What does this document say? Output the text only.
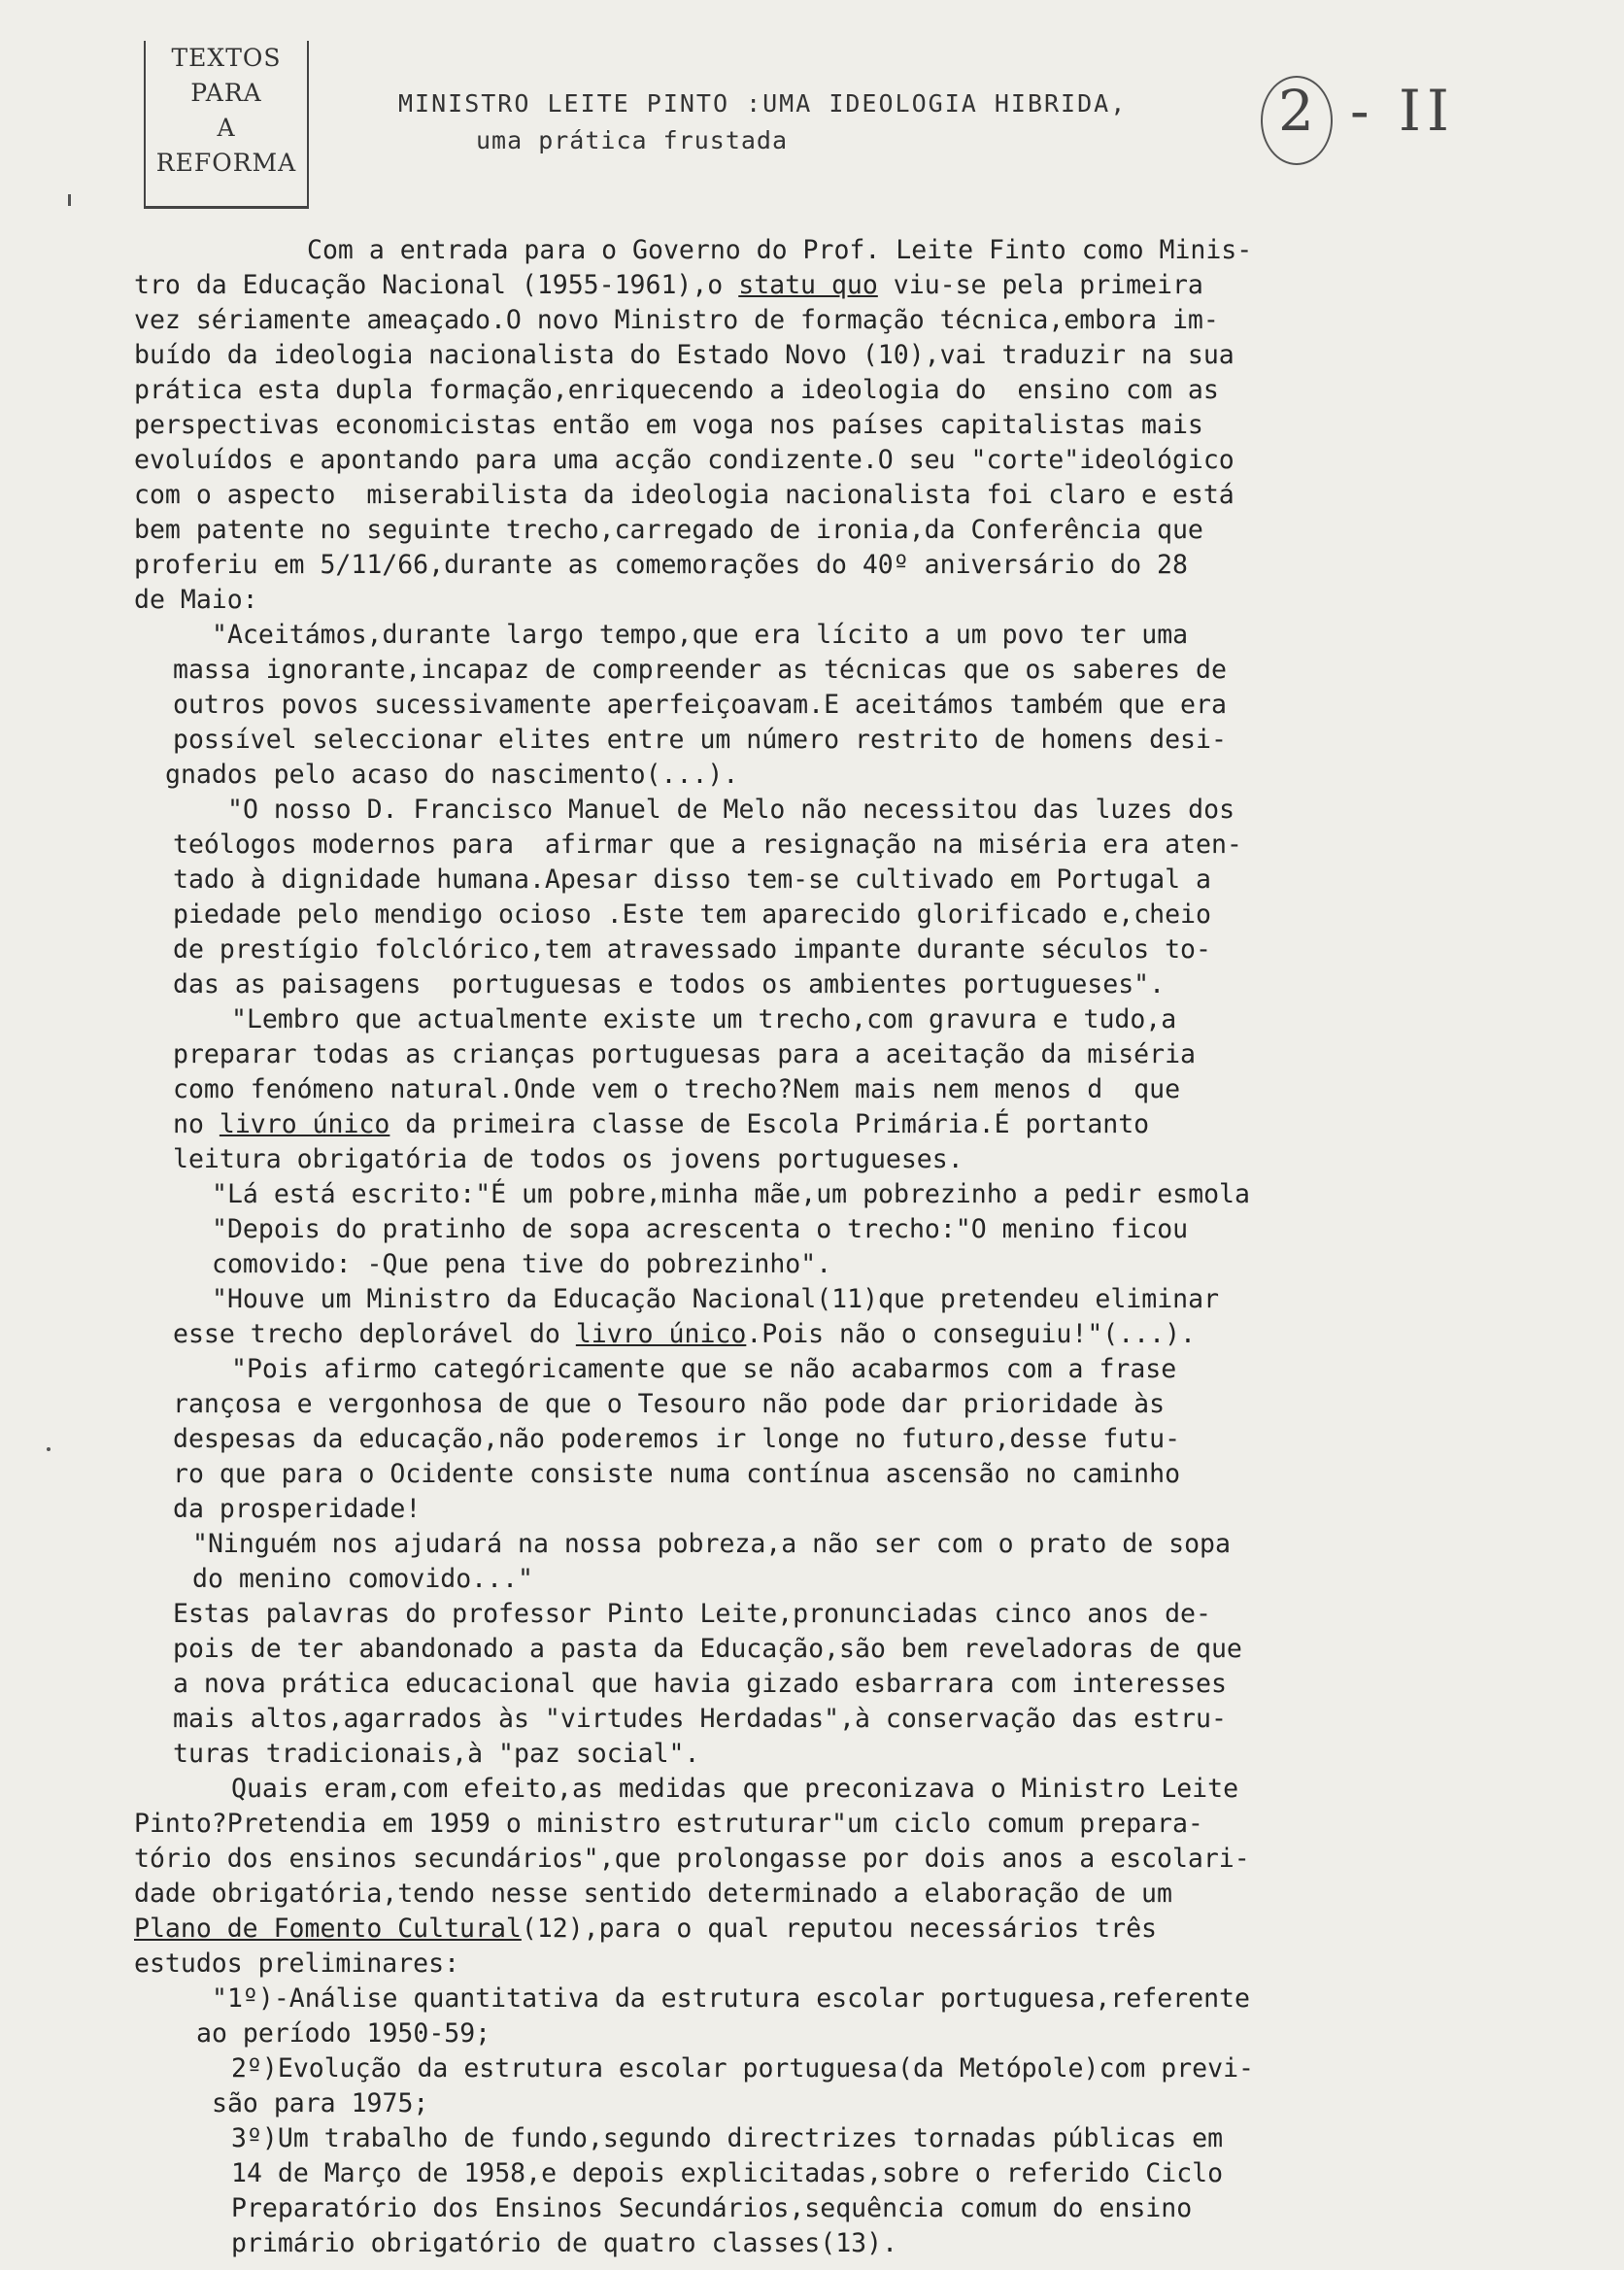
TEXTOS
PARA
A
REFORMA
MINISTRO LEITE PINTO :UMA IDEOLOGIA HIBRIDA,
uma prática frustada	2 - II
Com a entrada para o Governo do Prof. Leite Finto como Minis-
tro da Educação Nacional (1955-1961),o statu quo viu-se pela primeira
vez sériamente ameaçado.O novo Ministro de formação técnica,embora im-
buído da ideologia nacionalista do Estado Novo (10),vai traduzir na sua
prática esta dupla formação,enriquecendo a ideologia do  ensino com as
perspectivas economicistas então em voga nos países capitalistas mais
evoluídos e apontando para uma acção condizente.O seu "corte"ideológico
com o aspecto  miserabilista da ideologia nacionalista foi claro e está
bem patente no seguinte trecho,carregado de ironia,da Conferência que
proferiu em 5/11/66,durante as comemorações do 40º aniversário do 28
de Maio:
"Aceitámos,durante largo tempo,que era lícito a um povo ter uma
massa ignorante,incapaz de compreender as técnicas que os saberes de
outros povos sucessivamente aperfeiçoavam.E aceitámos também que era
possível seleccionar elites entre um número restrito de homens desi-
gnados pelo acaso do nascimento(...).
"O nosso D. Francisco Manuel de Melo não necessitou das luzes dos
teólogos modernos para  afirmar que a resignação na miséria era aten-
tado à dignidade humana.Apesar disso tem-se cultivado em Portugal a
piedade pelo mendigo ocioso .Este tem aparecido glorificado e,cheio
de prestígio folclórico,tem atravessado impante durante séculos to-
das as paisagens  portuguesas e todos os ambientes portugueses".
"Lembro que actualmente existe um trecho,com gravura e tudo,a
preparar todas as crianças portuguesas para a aceitação da miséria
como fenómeno natural.Onde vem o trecho?Nem mais nem menos d  que
no livro único da primeira classe de Escola Primária.É portanto
leitura obrigatória de todos os jovens portugueses.
"Lá está escrito:"É um pobre,minha mãe,um pobrezinho a pedir esmola
"Depois do pratinho de sopa acrescenta o trecho:"O menino ficou
comovido: -Que pena tive do pobrezinho".
"Houve um Ministro da Educação Nacional(11)que pretendeu eliminar
esse trecho deplorável do livro único.Pois não o conseguiu!"(...).
"Pois afirmo categóricamente que se não acabarmos com a frase
rançosa e vergonhosa de que o Tesouro não pode dar prioridade às
despesas da educação,não poderemos ir longe no futuro,desse futu-
ro que para o Ocidente consiste numa contínua ascensão no caminho
da prosperidade!
"Ninguém nos ajudará na nossa pobreza,a não ser com o prato de sopa
do menino comovido..."
Estas palavras do professor Pinto Leite,pronunciadas cinco anos de-
pois de ter abandonado a pasta da Educação,são bem reveladoras de que
a nova prática educacional que havia gizado esbarrara com interesses
mais altos,agarrados às "virtudes Herdadas",à conservação das estru-
turas tradicionais,à "paz social".
Quais eram,com efeito,as medidas que preconizava o Ministro Leite
Pinto?Pretendia em 1959 o ministro estruturar"um ciclo comum prepara-
tório dos ensinos secundários",que prolongasse por dois anos a escolari-
dade obrigatória,tendo nesse sentido determinado a elaboração de um
Plano de Fomento Cultural(12),para o qual reputou necessários três
estudos preliminares:
"1º)-Análise quantitativa da estrutura escolar portuguesa,referente
ao período 1950-59;
2º)Evolução da estrutura escolar portuguesa(da Metópole)com previ-
são para 1975;
3º)Um trabalho de fundo,segundo directrizes tornadas públicas em
14 de Março de 1958,e depois explicitadas,sobre o referido Ciclo
Preparatório dos Ensinos Secundários,sequência comum do ensino
primário obrigatório de quatro classes(13).
